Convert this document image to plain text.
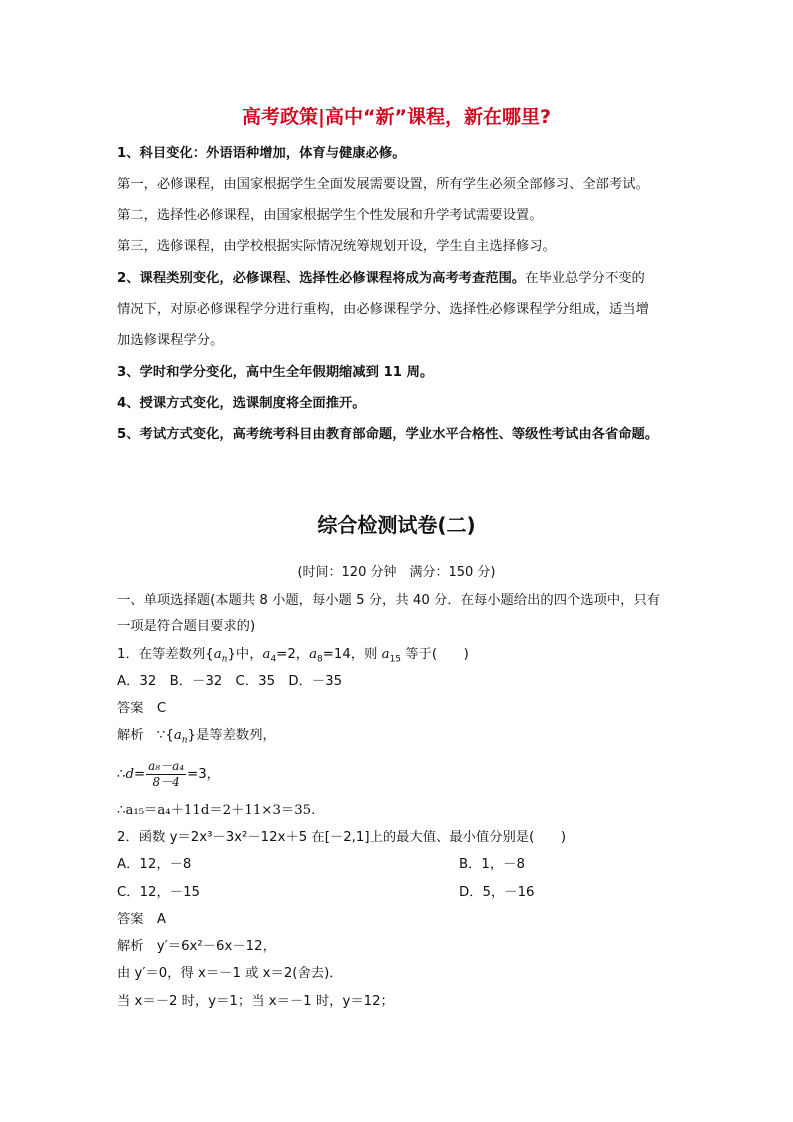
高考政策|高中“新”课程，新在哪里?
1、科目变化：外语语种增加，体育与健康必修。
第一，必修课程，由国家根据学生全面发展需要设置，所有学生必须全部修习、全部考试。
第二，选择性必修课程，由国家根据学生个性发展和升学考试需要设置。
第三，选修课程，由学校根据实际情况统筹规划开设，学生自主选择修习。
2、课程类别变化，必修课程、选择性必修课程将成为高考考查范围。在毕业总学分不变的
情况下，对原必修课程学分进行重构，由必修课程学分、选择性必修课程学分组成，适当增
加选修课程学分。
3、学时和学分变化，高中生全年假期缩减到 11 周。
4、授课方式变化，选课制度将全面推开。
5、考试方式变化，高考统考科目由教育部命题，学业水平合格性、等级性考试由各省命题。
综合检测试卷(二)
(时间：120 分钟　满分：150 分)
一、单项选择题(本题共 8 小题，每小题 5 分，共 40 分．在每小题给出的四个选项中，只有
一项是符合题目要求的)
1．在等差数列$\{a_n\}$中，$a_4=2$，$a_8=14$，则 $a_{15}$ 等于(　　)
A．32　B．－32　C．35　D．－35
答案　C
解析　$\because\{a_n\}$是等差数列，
∴d= $\frac{\text{a₈－a₄}}{8-4} =3$，
∴a₁₅＝a₄＋11d＝2＋11×3＝35.
2．函数 y＝2x³－3x²－12x＋5 在[－2,1]上的最大值、最小值分别是(　　)
A．12，－8	B．1，－8
C．12，－15	D．5，－16
答案　A
解析　y′＝6x²－6x－12，
由 y′＝0，得 x＝－1 或 x＝2(舍去)．
当 x＝－2 时，y＝1；当 x＝－1 时，y＝12；
